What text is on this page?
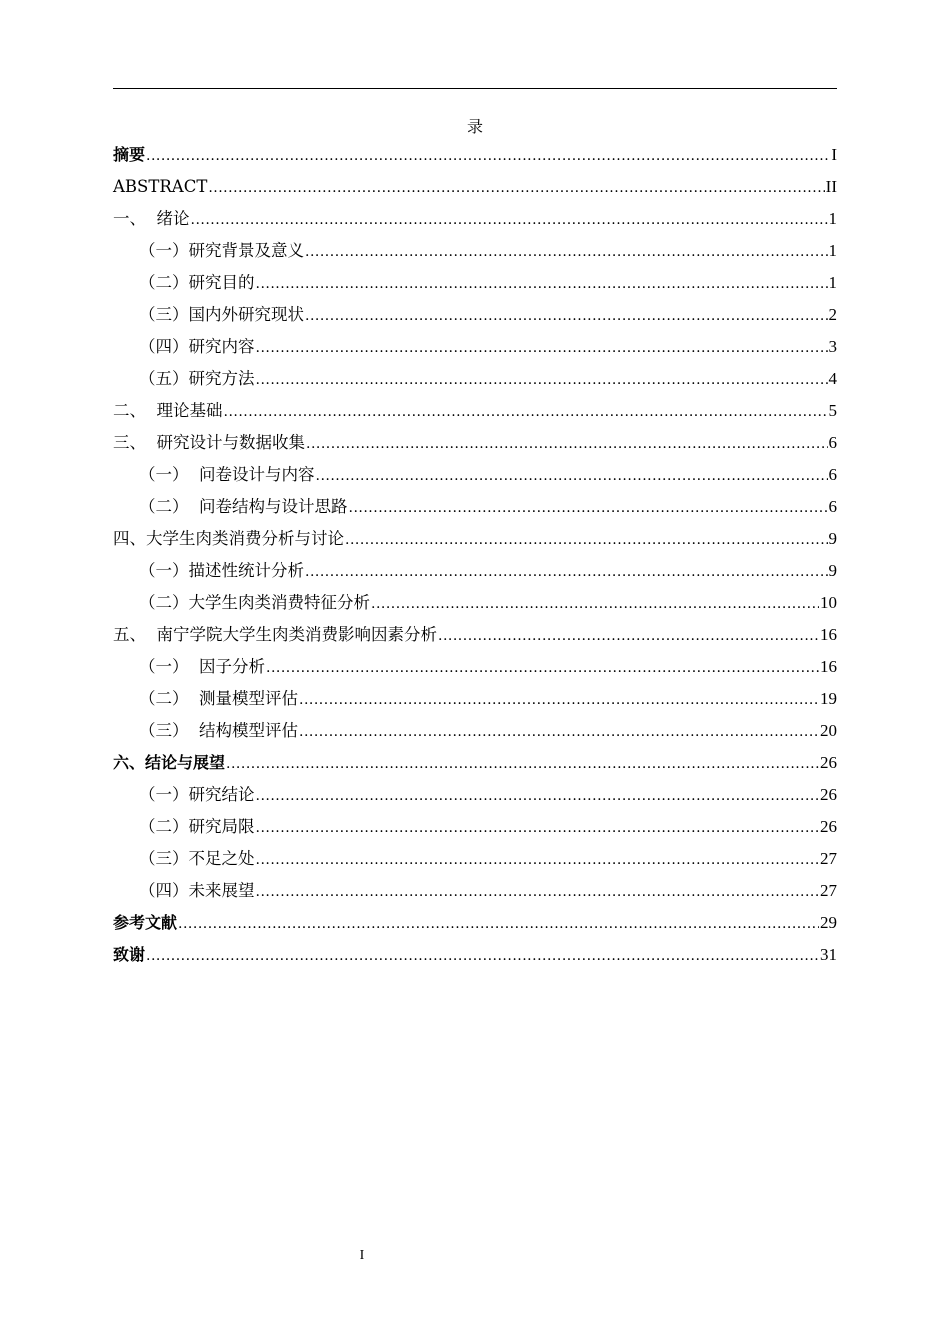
录
摘要 .....	I
ABSTRACT .....	II
一、  绪论 .....	1
（一）研究背景及意义 .....	1
（二）研究目的 .....	1
（三）国内外研究现状 .....	2
（四）研究内容 .....	3
（五）研究方法 .....	4
二、  理论基础 .....	5
三、  研究设计与数据收集 .....	6
（一）  问卷设计与内容 .....	6
（二）  问卷结构与设计思路 .....	6
四、大学生肉类消费分析与讨论 .....	9
（一）描述性统计分析 .....	9
（二）大学生肉类消费特征分析 .....	10
五、  南宁学院大学生肉类消费影响因素分析 .....	16
（一）  因子分析 .....	16
（二）  测量模型评估 .....	19
（三）  结构模型评估 .....	20
六、结论与展望 .....	26
（一）研究结论 .....	26
（二）研究局限 .....	26
（三）不足之处 .....	27
（四）未来展望 .....	27
参考文献 .....	29
致谢 .....	31
I
